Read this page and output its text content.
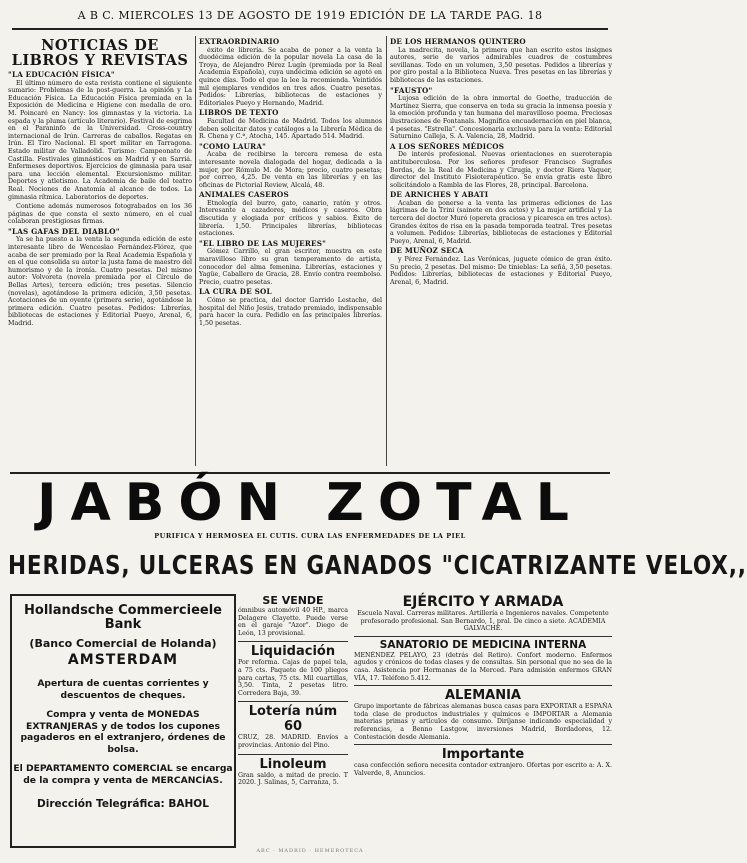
A B C. MIERCOLES 13 DE AGOSTO DE 1919 EDICIÓN DE LA TARDE PAG. 18
NOTICIAS DE LIBROS Y REVISTAS
"LA EDUCACIÓN FÍSICA"

El último número de esta revista contiene el siguiente sumario: Problemas de la post-guerra. La opinión y La Educación Física. La Educación Física premiada en la Exposición de Medicina e Higiene con medalla de oro. M. Poincaré en Nancy: los gimnastas y la victoria. La espada y la pluma (artículo literario). Festival de esgrima en el Paraninfo de la Universidad. Cross-country internacional de Irún. Carreras de caballos. Regatas en Irún. El Tiro Nacional. El sport militar en Tarragona. Estado militar de Valladolid. Turismo: Campeonato de Castilla. Festivales gimnásticos en Madrid y en Sarriá. Enfermeses deportivos. Ejercicios de gimnasia para usar para una lección elemental. Excursionismo militar. Deportes y atletismo. La Academia de baile del teatro Real. Nociones de Anatomía al alcance de todos. La gimnasia rítmica. Laboratorios de deportes.

Contiene además numerosos fotograbados en los 36 páginas de que consta el sexto número, en el cual colaboran prestigiosas firmas.

"LAS GAFAS DEL DIABLO"

Ya se ha puesto a la venta la segunda edición de este interesante libro de Wenceslao Fernández-Flórez, que acaba de ser premiado por la Real Academia Española y en el que consolida su autor la justa fama de maestro del humorismo y de la ironía. Cuatro pesetas. Del mismo autor: Volvoreta (novela premiada por el Círculo de Bellas Artes), tercera edición; tres pesetas. Silencio (novelas), agotándose la primera edición, 3,50 pesetas. Acotaciones de un oyente (primera serie), agotándose la primera edición. Cuatro pesetas. Pedidos: Librerías, bibliotecas de estaciones y Editorial Pueyo, Arenal, 6, Madrid.

EXTRAORDINARIO

éxito de librería. Se acaba de poner a la venta la duodécima edición de la popular novela La casa de la Troya, de Alejandro Pérez Lugín (premiada por la Real Academia Española), cuya undécima edición se agotó en quince días. Todo el que la lee la recomienda. Veintidós mil ejemplares vendidos en tres años. Cuatro pesetas. Pedidos: Librerías, bibliotecas de estaciones y Editoriales Pueyo y Hernando, Madrid.

LIBROS DE TEXTO

Facultad de Medicina de Madrid. Todos los alumnos deben solicitar datos y catálogos a la Librería Médica de R. Chena y C.ª, Atocha, 145. Apartado 514. Madrid.

"COMO LAURA"

Acaba de recibirse la tercera remesa de esta interesante novela dialogada del hogar, dedicada a la mujer, por Rómulo M. de Mora; precio, cuatro pesetas; por correo, 4,25. De venta en las librerías y en las oficinas de Pictorial Review, Alcalá, 48.

ANIMALES CASEROS

Etnología del burro, gato, canario, ratón y otros. Interesante a cazadores, médicos y caseros. Obra discutida y elogiada por críticos y sabios. Éxito de librería. 1,50. Principales librerías, bibliotecas estaciones.

"EL LIBRO DE LAS MUJERES"

Gómez Carrillo, el gran escritor, muestra en este maravilloso libro su gran temperamento de artista, conocedor del alma femenina. Librerías, estaciones y Yagüe, Caballero de Gracia, 28. Envío contra reembolso. Precio, cuatro pesetas.

LA CURA DE SOL

Cómo se practica, del doctor Garrido Lestache, del hospital del Niño Jesús, tratado premiado, indispensable para hacer la cura. Pedidlo en las principales librerías. 1,50 pesetas.

DE LOS HERMANOS QUINTERO

La madrecita, novela, la primera que han escrito estos insignes autores, serie de varios admirables cuadros de costumbres sevillanas. Todo en un volumen, 3,50 pesetas. Pedidos a librerías y por giro postal a la Biblioteca Nueva. Tres pesetas en las librerías y bibliotecas de las estaciones.

"FAUSTO"

Lujosa edición de la obra inmortal de Goethe, traducción de Martínez Sierra, que conserva en toda su gracia la inmensa poesía y la emoción profunda y tan humana del maravilloso poema. Preciosas ilustraciones de Fontanals. Magnífica encuadernación en piel blanca, 4 pesetas. "Estrella". Concesionaria exclusiva para la venta: Editorial Saturnino Calleja, S. A. Valencia, 28, Madrid.

A LOS SEÑORES MÉDICOS

De interés profesional. Nuevas orientaciones en sueroterapia antituberculosa. Por los señores profesor Francisco Sugrañes Bordas, de la Real de Medicina y Cirugía, y doctor Riera Vaquer, director del Instituto Fisioterapéutico. Se envía gratis este libro solicitándolo a Rambla de las Flores, 28, principal. Barcelona.

DE ARNICHES Y ABATI

Acaban de ponerse a la venta las primeras ediciones de Las lágrimas de la Trini (sainete en dos actos) y La mujer artificial y La tercera del doctor Muró (opereta graciosa y picaresca en tres actos). Grandes éxitos de risa en la pasada temporada teatral. Tres pesetas a volumen. Pedidos: Librerías, bibliotecas de estaciones y Editorial Pueyo, Arenal, 6, Madrid.

DE MUÑOZ SECA

y Pérez Fernández. Las Verónicas, juguete cómico de gran éxito. Su precio, 2 pesetas. Del mismo: De tinieblas: La señá, 3,50 pesetas. Pedidos: Librerías, bibliotecas de estaciones y Editorial Pueyo, Arenal, 6, Madrid.

JABÓN ZOTAL
PURIFICA Y HERMOSEA EL CUTIS. CURA LAS ENFERMEDADES DE LA PIEL
HERIDAS, ULCERAS EN GANADOS "CICATRIZANTE VELOX,,
Hollandsche Commercieele Bank
(Banco Comercial de Holanda)
AMSTERDAM
Apertura de cuentas corrientes y descuentos de cheques.
Compra y venta de MONEDAS EXTRANJERAS y de todos los cupones pagaderos en el extranjero, órdenes de bolsa.
El DEPARTAMENTO COMERCIAL se encarga de la compra y venta de MERCANCÍAS.
Dirección Telegráfica: BAHOL
SE VENDE
ómnibus automóvil 40 HP., marca Delagere Clayette. Puede verse en el garaje "Azor". Diego de León, 13 provisional.
Liquidación
Por reforma. Cajas de papel tela, a 75 cts. Paquete de 100 pliegos para cartas, 75 cts. Mil cuartillas, 3,50. Tinta, 2 pesetas litro. Corredera Baja, 39.
Lotería núm 60
CRUZ, 28. MADRID. Envíos a provincias. Antonio del Pino.
Linoleum
Gran saldo, a mitad de precio. T 2020. J. Salinas, 5, Carranza, 5.
EJÉRCITO Y ARMADA
Escuela Naval. Carreras militares. Artillería e Ingenieros navales. Competente profesorado profesional. San Bernardo, 1, pral. De cinco a siete. ACADEMIA GALVACHE.
SANATORIO DE MEDICINA INTERNA
MENÉNDEZ PELAYO, 23 (detrás del Retiro). Confort moderno. Enfermos agudos y crónicos de todas clases y de consultas. Sin personal que no sea de la casa. Asistencia por Hermanas de la Merced. Para admisión enfermos GRAN VÍA, 17. Teléfono 5.412.
ALEMANIA
Grupo importante de fábricas alemanas busca casas para EXPORTAR a ESPAÑA toda clase de productos industriales y químicos e IMPORTAR a Alemania materias primas y artículos de consumo. Diríjanse indicando especialidad y referencias, a Benno Lastgow, inversiones Madrid, Bordadores, 12. Contestación desde Alemania.
Importante
casa confección señora necesita contador extranjero. Ofertas por escrito a: A. X. Valverde, 8, Anuncios.
ABC · MADRID · HEMEROTECA
